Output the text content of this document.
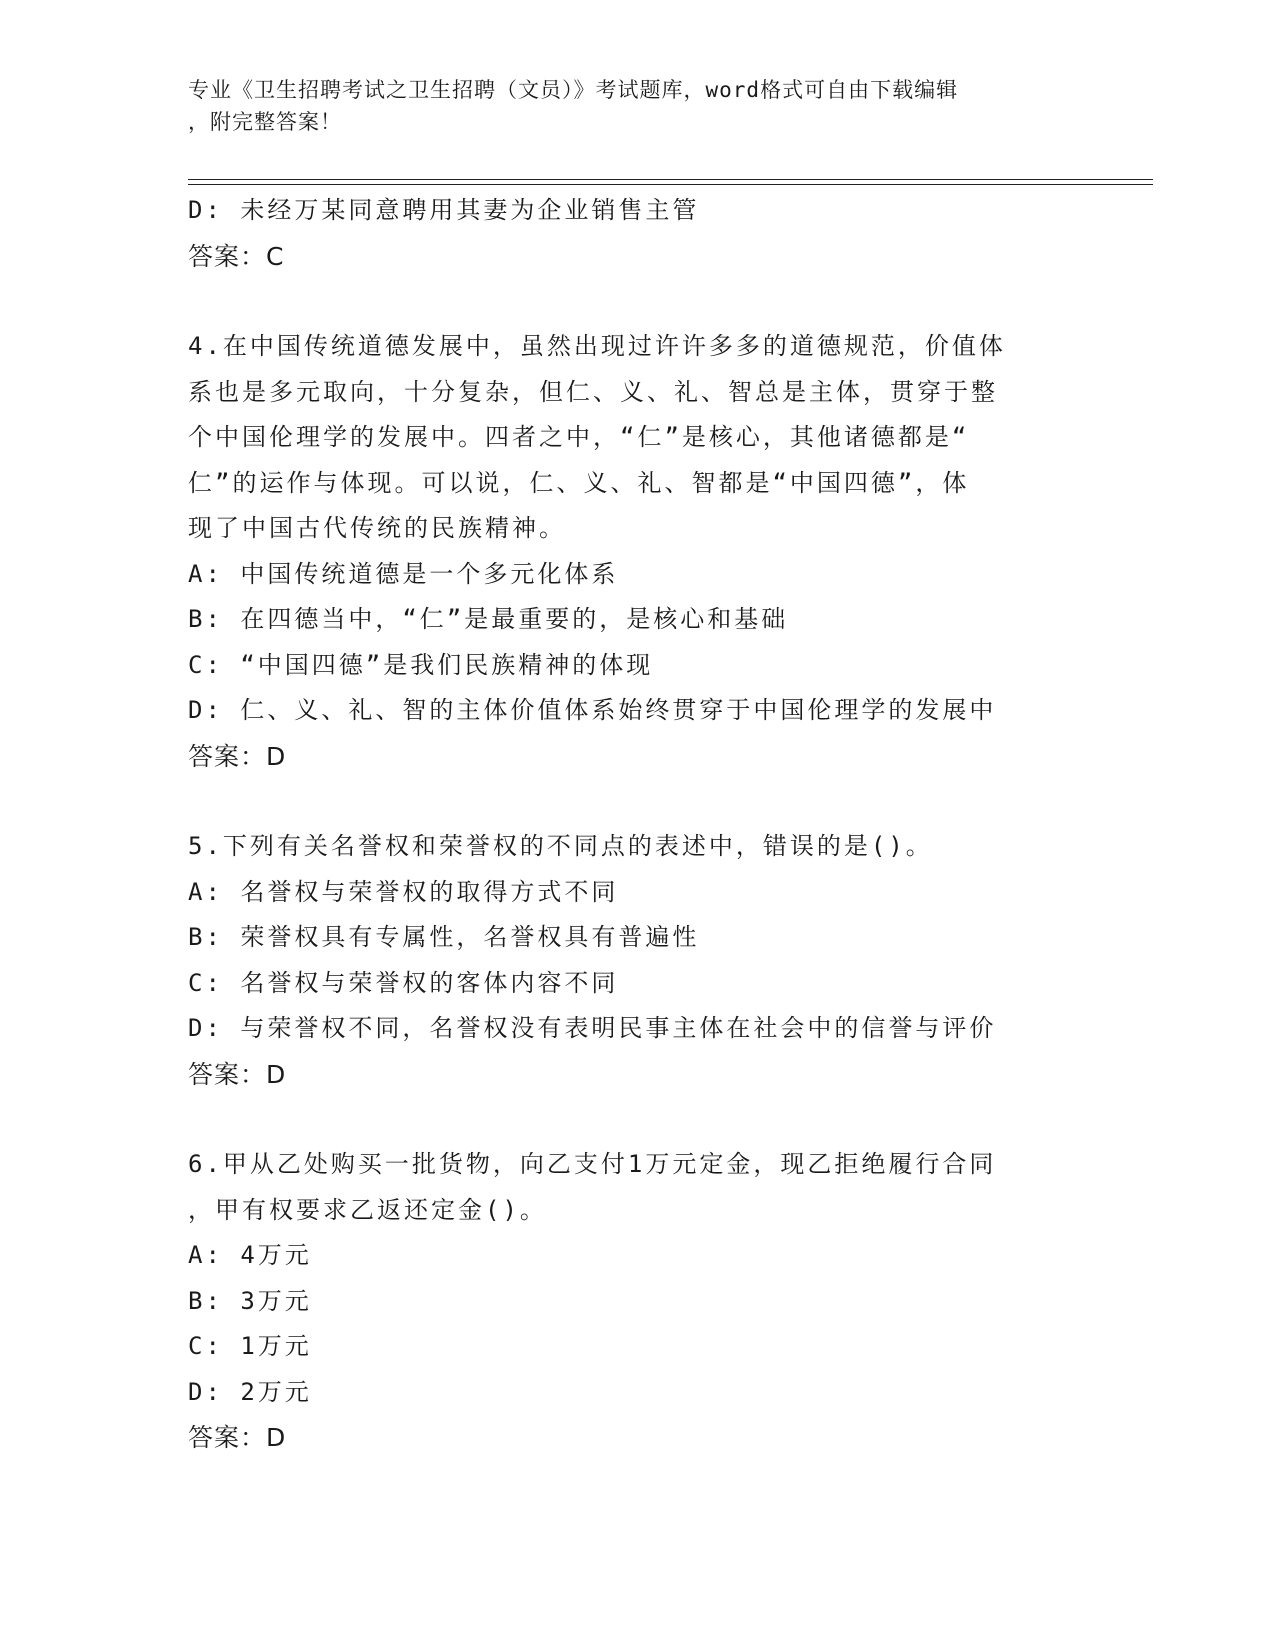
专业《卫生招聘考试之卫生招聘（文员）》考试题库，word格式可自由下载编辑
，附完整答案！
D: 未经万某同意聘用其妻为企业销售主管
答案：C
4.在中国传统道德发展中，虽然出现过许许多多的道德规范，价值体
系也是多元取向，十分复杂，但仁、义、礼、智总是主体，贯穿于整
个中国伦理学的发展中。四者之中，“仁”是核心，其他诸德都是“
仁”的运作与体现。可以说，仁、义、礼、智都是“中国四德”，体
现了中国古代传统的民族精神。
A: 中国传统道德是一个多元化体系
B: 在四德当中，“仁”是最重要的，是核心和基础
C: “中国四德”是我们民族精神的体现
D: 仁、义、礼、智的主体价值体系始终贯穿于中国伦理学的发展中
答案：D
5.下列有关名誉权和荣誉权的不同点的表述中，错误的是()。
A: 名誉权与荣誉权的取得方式不同
B: 荣誉权具有专属性，名誉权具有普遍性
C: 名誉权与荣誉权的客体内容不同
D: 与荣誉权不同，名誉权没有表明民事主体在社会中的信誉与评价
答案：D
6.甲从乙处购买一批货物，向乙支付1万元定金，现乙拒绝履行合同
，甲有权要求乙返还定金()。
A: 4万元
B: 3万元
C: 1万元
D: 2万元
答案：D
